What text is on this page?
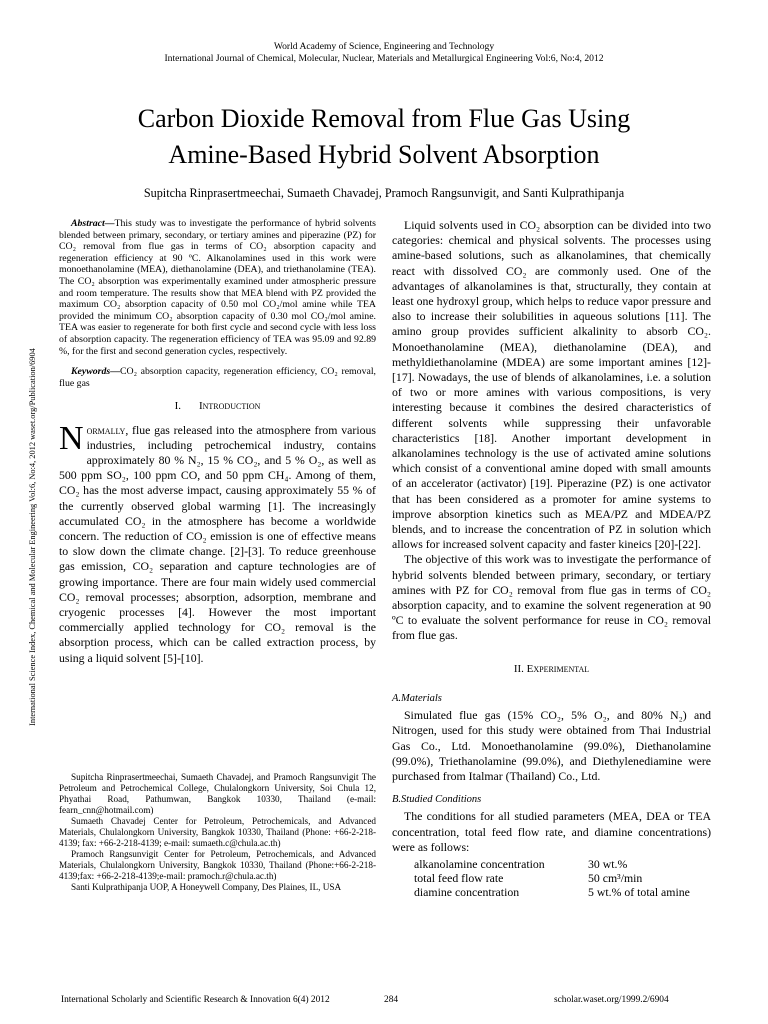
World Academy of Science, Engineering and Technology
International Journal of Chemical, Molecular, Nuclear, Materials and Metallurgical Engineering Vol:6, No:4, 2012
Carbon Dioxide Removal from Flue Gas Using
Amine-Based Hybrid Solvent Absorption
Supitcha Rinprasertmeechai, Sumaeth Chavadej, Pramoch Rangsunvigit, and Santi Kulprathipanja
International Science Index, Chemical and Molecular Engineering Vol:6, No:4, 2012 waset.org/Publication/6904

Abstract—This study was to investigate the performance of hybrid solvents blended between primary, secondary, or tertiary amines and piperazine (PZ) for CO₂ removal from flue gas in terms of CO₂ absorption capacity and regeneration efficiency at 90 ºC. Alkanolamines used in this work were monoethanolamine (MEA), diethanolamine (DEA), and triethanolamine (TEA). The CO₂ absorption was experimentally examined under atmospheric pressure and room temperature. The results show that MEA blend with PZ provided the maximum CO₂ absorption capacity of 0.50 mol CO₂/mol amine while TEA provided the minimum CO₂ absorption capacity of 0.30 mol CO₂/mol amine. TEA was easier to regenerate for both first cycle and second cycle with less loss of absorption capacity. The regeneration efficiency of TEA was 95.09 and 92.89 %, for the first and second generation cycles, respectively.

Keywords—CO₂ absorption capacity, regeneration efficiency, CO₂ removal, flue gas

I. Introduction

Normally, flue gas released into the atmosphere from various industries, including petrochemical industry, contains approximately 80 % N₂, 15 % CO₂, and 5 % O₂, as well as 500 ppm SO₂, 100 ppm CO, and 50 ppm CH₄. Among of them, CO₂ has the most adverse impact, causing approximately 55 % of the currently observed global warming [1]. The increasingly accumulated CO₂ in the atmosphere has become a worldwide concern. The reduction of CO₂ emission is one of effective means to slow down the climate change. [2]-[3]. To reduce greenhouse gas emission, CO₂ separation and capture technologies are of growing importance. There are four main widely used commercial CO₂ removal processes; absorption, adsorption, membrane and cryogenic processes [4]. However the most important commercially applied technology for CO₂ removal is the absorption process, which can be called extraction process, by using a liquid solvent [5]-[10].

Supitcha Rinprasertmeechai, Sumaeth Chavadej, and Pramoch Rangsunvigit The Petroleum and Petrochemical College, Chulalongkorn University, Soi Chula 12, Phyathai Road, Pathumwan, Bangkok 10330, Thailand (e-mail: fearn_cnn@hotmail.com)

Sumaeth Chavadej Center for Petroleum, Petrochemicals, and Advanced Materials, Chulalongkorn University, Bangkok 10330, Thailand (Phone: +66-2-218-4139; fax: +66-2-218-4139; e-mail: sumaeth.c@chula.ac.th)

Pramoch Rangsunvigit Center for Petroleum, Petrochemicals, and Advanced Materials, Chulalongkorn University, Bangkok 10330, Thailand (Phone:+66-2-218-4139;fax: +66-2-218-4139;e-mail: pramoch.r@chula.ac.th)

Santi Kulprathipanja UOP, A Honeywell Company, Des Plaines, IL, USA

Liquid solvents used in CO₂ absorption can be divided into two categories: chemical and physical solvents. The processes using amine-based solutions, such as alkanolamines, that chemically react with dissolved CO₂ are commonly used. One of the advantages of alkanolamines is that, structurally, they contain at least one hydroxyl group, which helps to reduce vapor pressure and also to increase their solubilities in aqueous solutions [11]. The amino group provides sufficient alkalinity to absorb CO₂. Monoethanolamine (MEA), diethanolamine (DEA), and methyldiethanolamine (MDEA) are some important amines [12]-[17]. Nowadays, the use of blends of alkanolamines, i.e. a solution of two or more amines with various compositions, is very interesting because it combines the desired characteristics of different solvents while suppressing their unfavorable characteristics [18]. Another important development in alkanolamines technology is the use of activated amine solutions which consist of a conventional amine doped with small amounts of an accelerator (activator) [19]. Piperazine (PZ) is one activator that has been considered as a promoter for amine systems to improve absorption kinetics such as MEA/PZ and MDEA/PZ blends, and to increase the concentration of PZ in solution which allows for increased solvent capacity and faster kineics [20]-[22].

The objective of this work was to investigate the performance of hybrid solvents blended between primary, secondary, or tertiary amines with PZ for CO₂ removal from flue gas in terms of CO₂ absorption capacity, and to examine the solvent regeneration at 90 ºC to evaluate the solvent performance for reuse in CO₂ removal from flue gas.

II. Experimental
A.Materials

Simulated flue gas (15% CO₂, 5% O₂, and 80% N₂) and Nitrogen, used for this study were obtained from Thai Industrial Gas Co., Ltd. Monoethanolamine (99.0%), Diethanolamine (99.0%), Triethanolamine (99.0%), and Diethylenediamine were purchased from Italmar (Thailand) Co., Ltd.

B.Studied Conditions

The conditions for all studied parameters (MEA, DEA or TEA concentration, total feed flow rate, and diamine concentrations) were as follows:

alkanolamine concentration	30 wt.%
total feed flow rate	50 cm³/min
diamine concentration	5 wt.% of total amine
International Scholarly and Scientific Research & Innovation 6(4) 2012	284	scholar.waset.org/1999.2/6904
